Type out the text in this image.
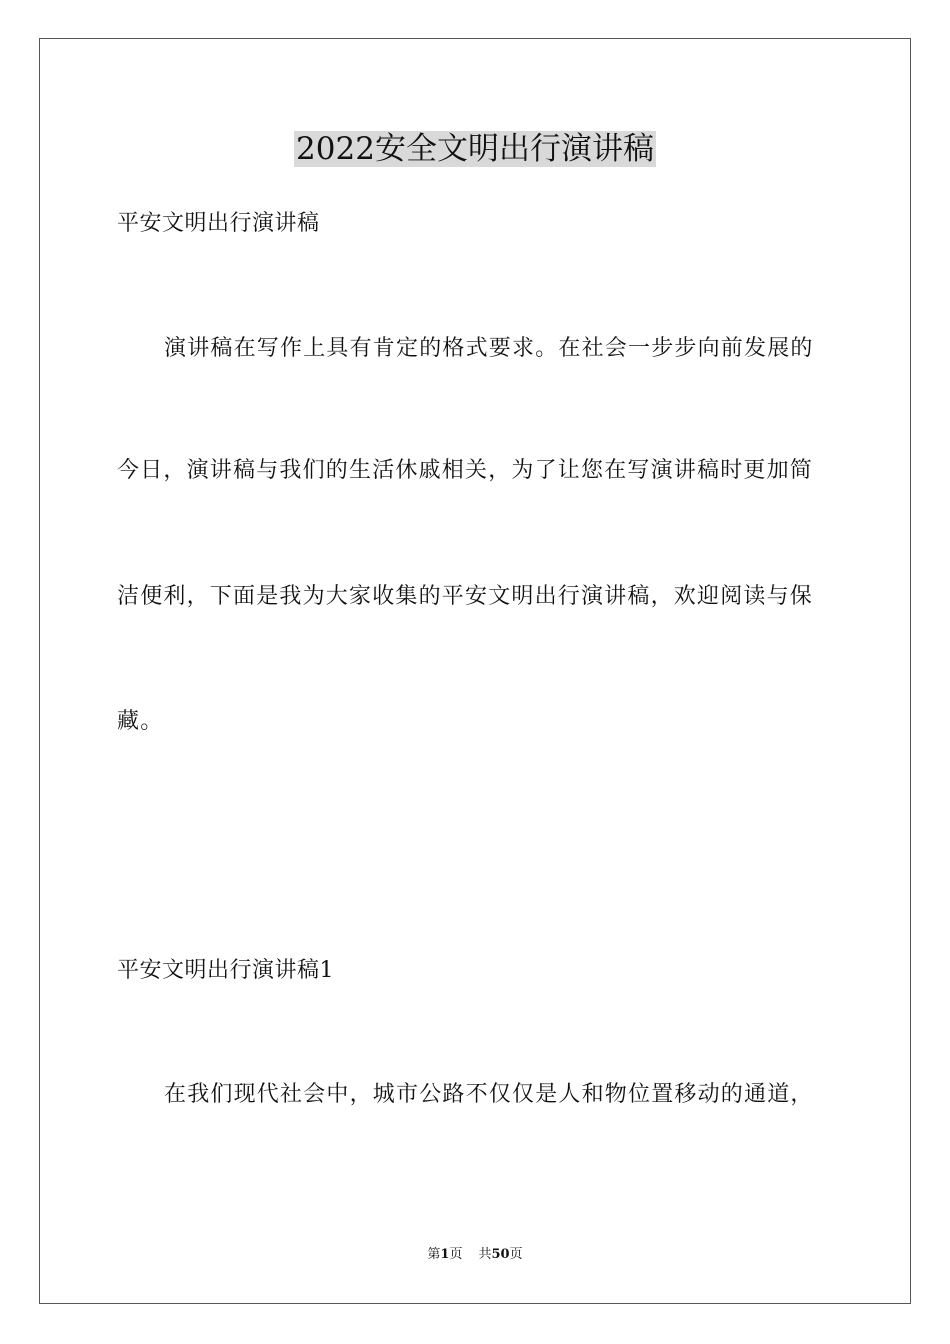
2022安全文明出行演讲稿
平安文明出行演讲稿
演讲稿在写作上具有肯定的格式要求。在社会一步步向前发展的
今日，演讲稿与我们的生活休戚相关，为了让您在写演讲稿时更加简
洁便利，下面是我为大家收集的平安文明出行演讲稿，欢迎阅读与保
藏。
平安文明出行演讲稿1
在我们现代社会中，城市公路不仅仅是人和物位置移动的通道，
第1页 共50页
